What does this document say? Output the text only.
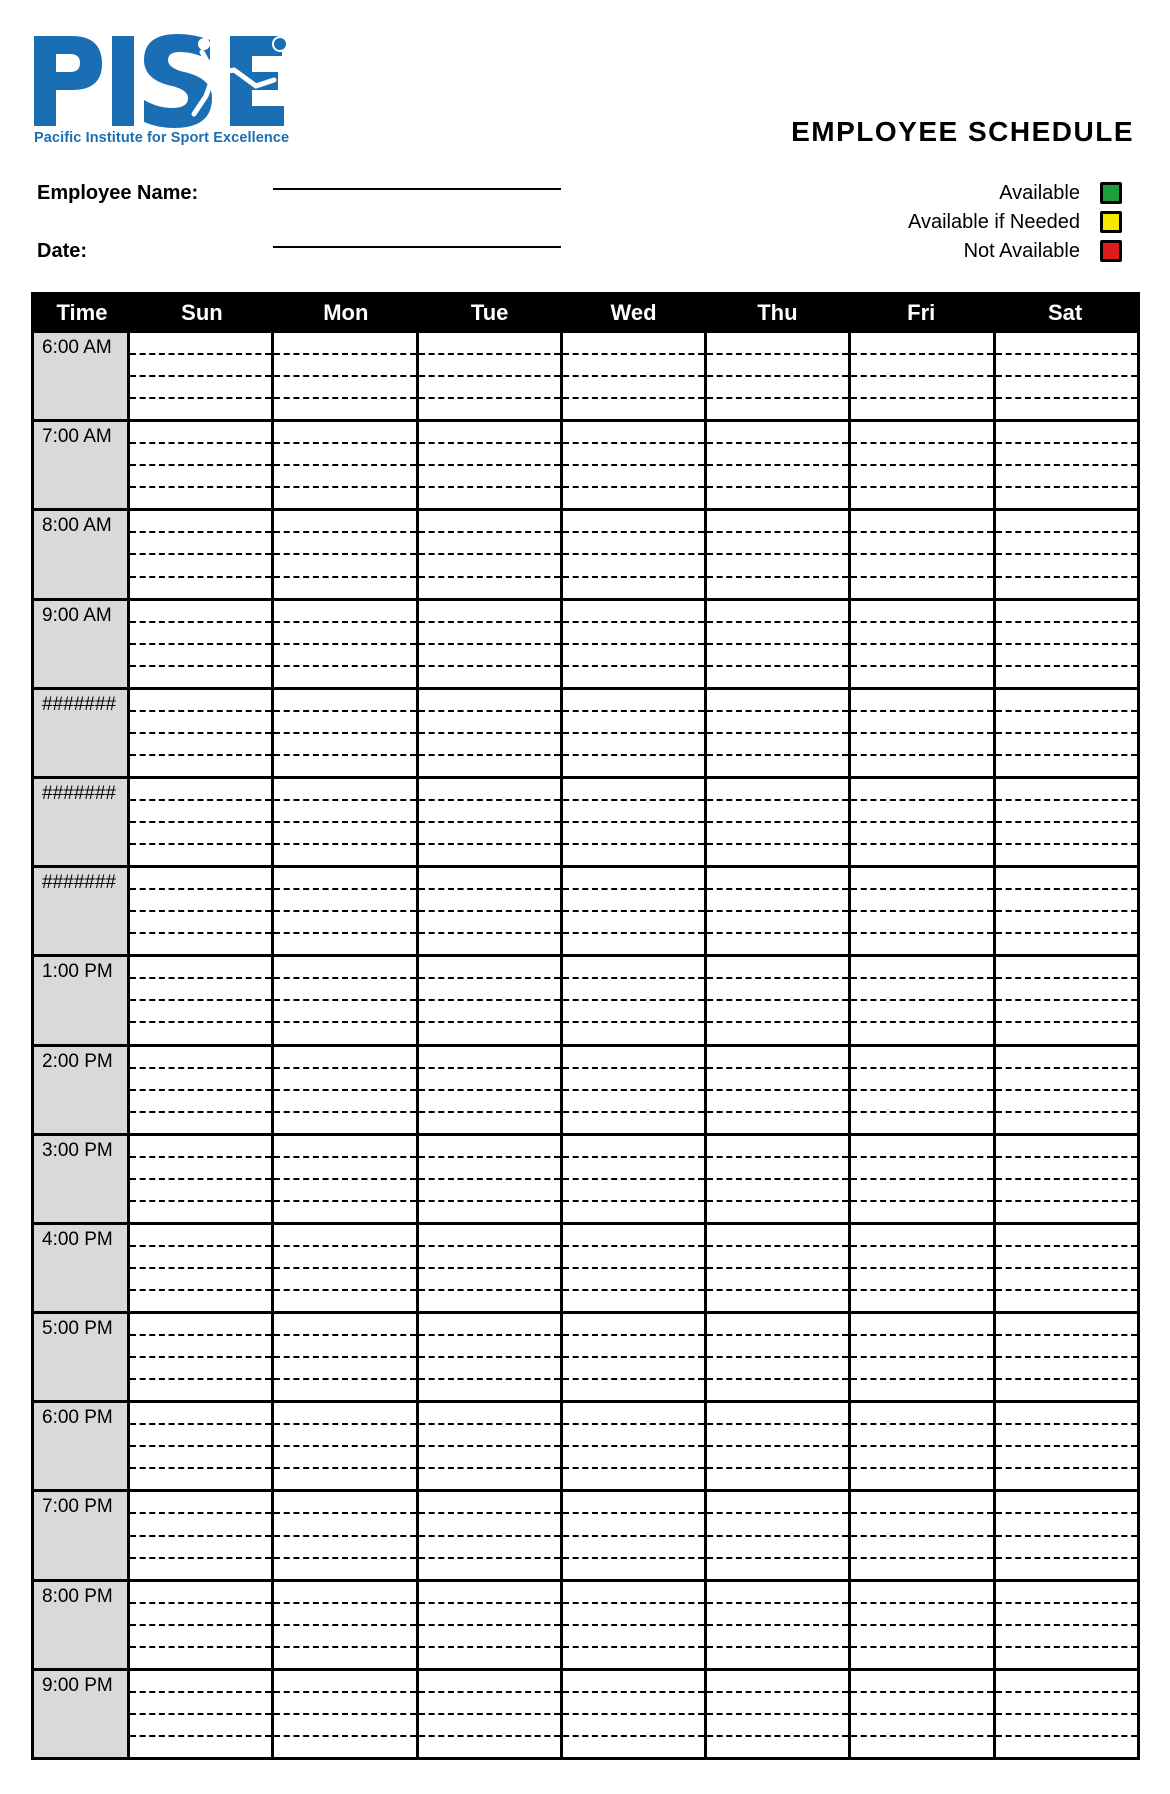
Pacific Institute for Sport Excellence	EMPLOYEE SCHEDULE
Employee Name:
Date:
Available
Available if Needed
Not Available
Time	Sun	Mon	Tue	Wed	Thu	Fri	Sat
6:00 AM
7:00 AM
8:00 AM
9:00 AM
#######
#######
#######
1:00 PM
2:00 PM
3:00 PM
4:00 PM
5:00 PM
6:00 PM
7:00 PM
8:00 PM
9:00 PM
